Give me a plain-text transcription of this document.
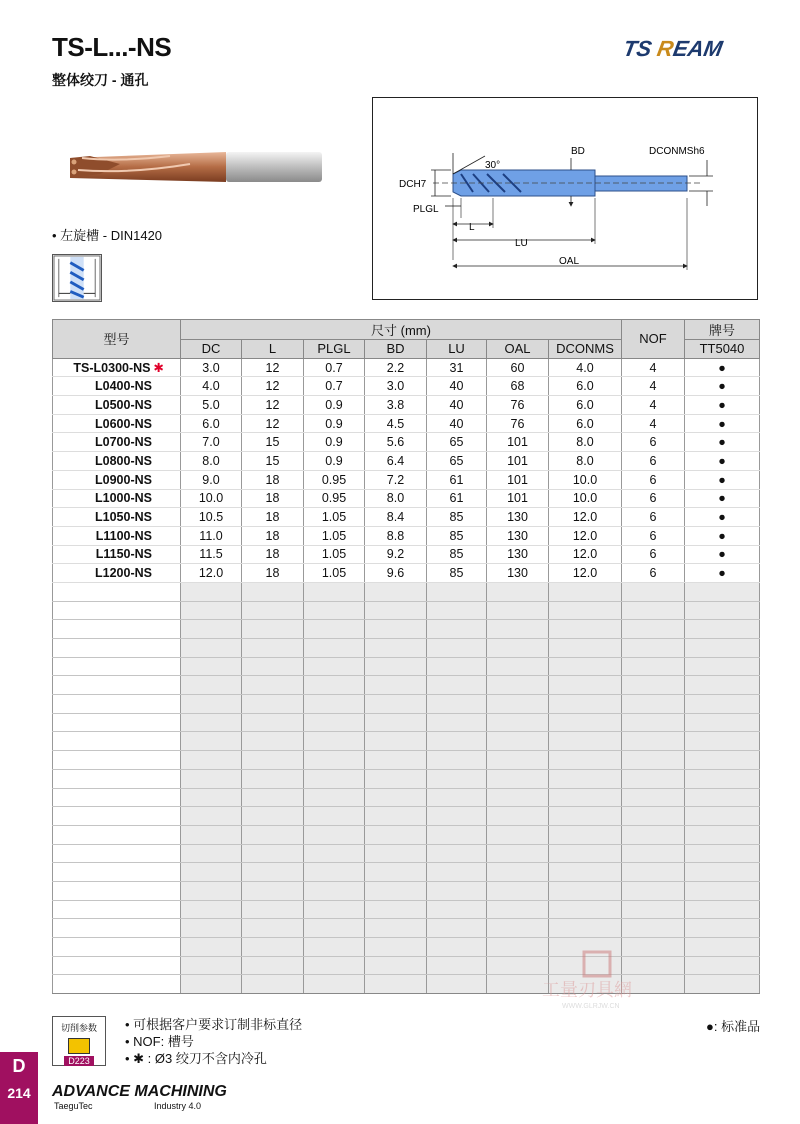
TS-L...-NS
整体绞刀 - 通孔
TS R
EAM
• 左旋槽 - DIN1420
30°
BD	DCONMSh6
DCH7
PLGL
L
LU
OAL
型号	尺寸 (mm)							NOF	牌号
	DC	L	PLGL	BD	LU	OAL	DCONMS		TT5040
TS-L0300-NS ✱	3.0	12	0.7	2.2	31	60	4.0	4	●
L0400-NS	4.0	12	0.7	3.0	40	68	6.0	4	●
L0500-NS	5.0	12	0.9	3.8	40	76	6.0	4	●
L0600-NS	6.0	12	0.9	4.5	40	76	6.0	4	●
L0700-NS	7.0	15	0.9	5.6	65	101	8.0	6	●
L0800-NS	8.0	15	0.9	6.4	65	101	8.0	6	●
L0900-NS	9.0	18	0.95	7.2	61	101	10.0	6	●
L1000-NS	10.0	18	0.95	8.0	61	101	10.0	6	●
L1050-NS	10.5	18	1.05	8.4	85	130	12.0	6	●
L1100-NS	11.0	18	1.05	8.8	85	130	12.0	6	●
L1150-NS	11.5	18	1.05	9.2	85	130	12.0	6	●
L1200-NS	12.0	18	1.05	9.6	85	130	12.0	6	●

切削参数
D223
• 可根据客户要求订制非标直径
• NOF: 槽号
• ✱ : Ø3 绞刀不含内冷孔
●: 标准品
工量刃具網
WWW.GLRJW.CN
D
214	ADVANCE MACHINING
TaeguTec	Industry 4.0
